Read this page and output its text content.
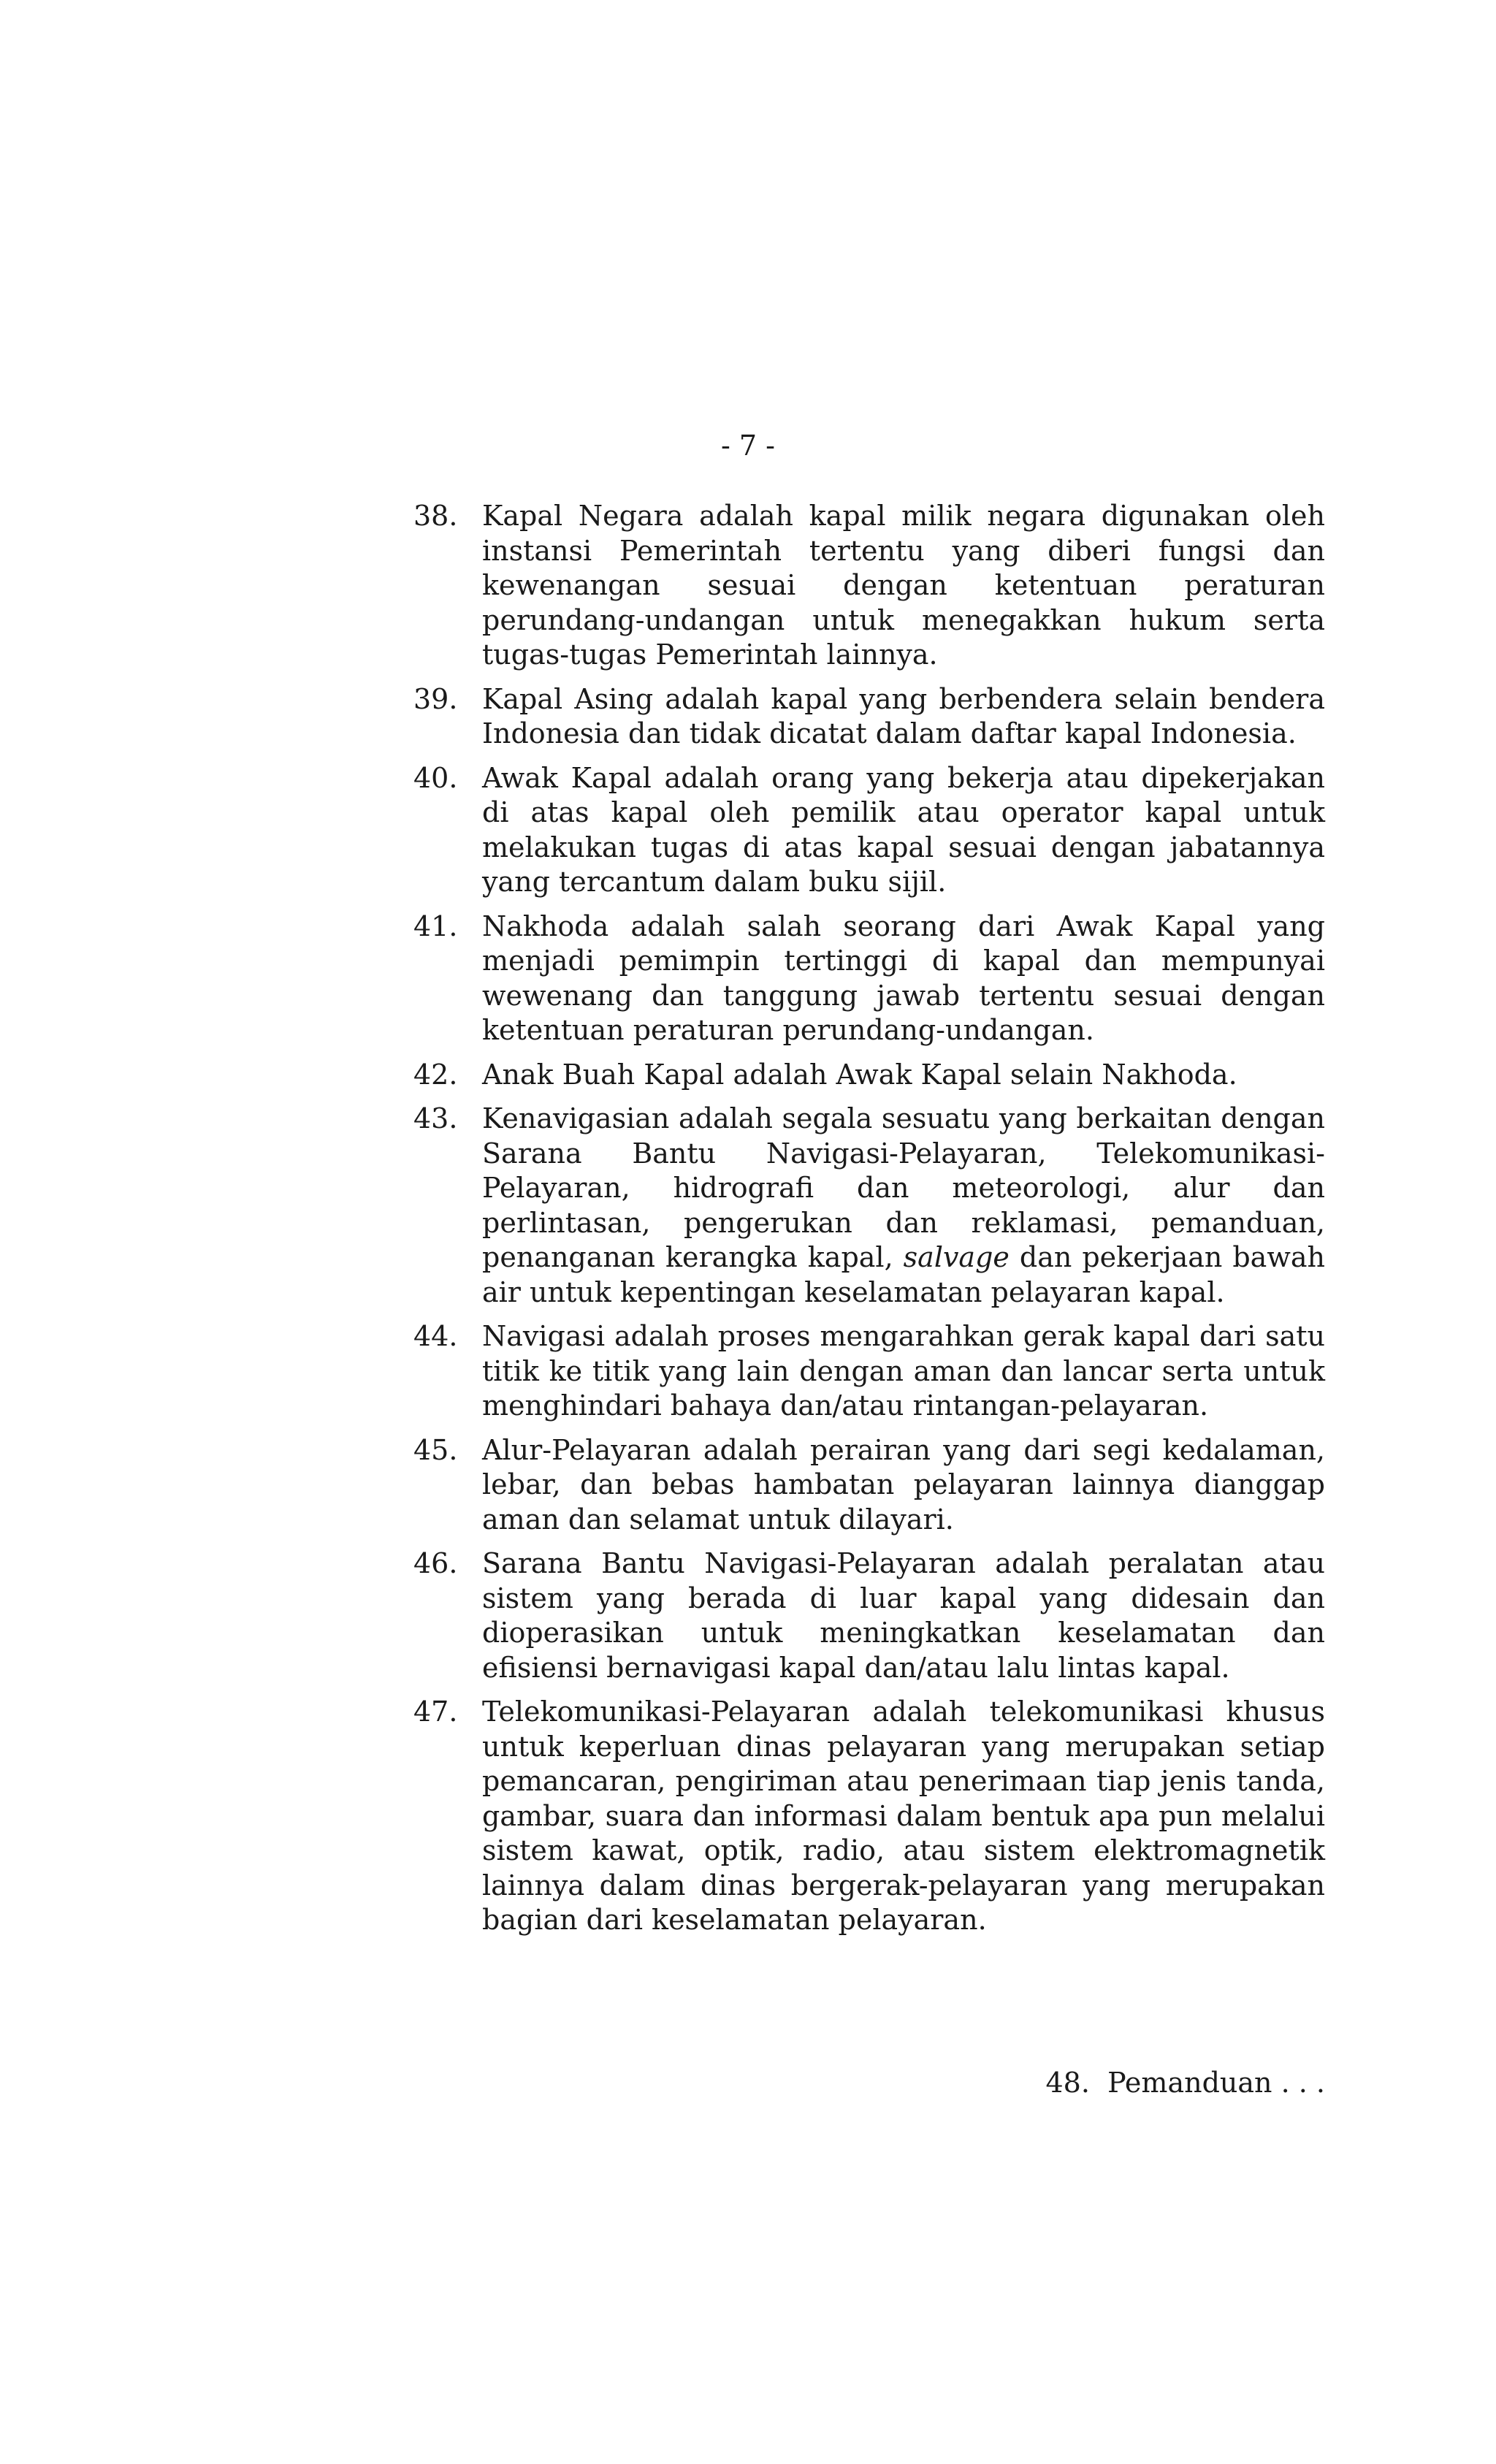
- 7 -
38. Kapal Negara adalah kapal milik negara digunakan oleh instansi Pemerintah tertentu yang diberi fungsi dan kewenangan sesuai dengan ketentuan peraturan perundang-undangan untuk menegakkan hukum serta tugas-tugas Pemerintah lainnya.
39. Kapal Asing adalah kapal yang berbendera selain bendera Indonesia dan tidak dicatat dalam daftar kapal Indonesia.
40. Awak Kapal adalah orang yang bekerja atau dipekerjakan di atas kapal oleh pemilik atau operator kapal untuk melakukan tugas di atas kapal sesuai dengan jabatannya yang tercantum dalam buku sijil.
41. Nakhoda adalah salah seorang dari Awak Kapal yang menjadi pemimpin tertinggi di kapal dan mempunyai wewenang dan tanggung jawab tertentu sesuai dengan ketentuan peraturan perundang-undangan.
42. Anak Buah Kapal adalah Awak Kapal selain Nakhoda.
43. Kenavigasian adalah segala sesuatu yang berkaitan dengan Sarana Bantu Navigasi-Pelayaran, Telekomunikasi-Pelayaran, hidrografi dan meteorologi, alur dan perlintasan, pengerukan dan reklamasi, pemanduan, penanganan kerangka kapal, salvage dan pekerjaan bawah air untuk kepentingan keselamatan pelayaran kapal.
44. Navigasi adalah proses mengarahkan gerak kapal dari satu titik ke titik yang lain dengan aman dan lancar serta untuk menghindari bahaya dan/atau rintangan-pelayaran.
45. Alur-Pelayaran adalah perairan yang dari segi kedalaman, lebar, dan bebas hambatan pelayaran lainnya dianggap aman dan selamat untuk dilayari.
46. Sarana Bantu Navigasi-Pelayaran adalah peralatan atau sistem yang berada di luar kapal yang didesain dan dioperasikan untuk meningkatkan keselamatan dan efisiensi bernavigasi kapal dan/atau lalu lintas kapal.
47. Telekomunikasi-Pelayaran adalah telekomunikasi khusus untuk keperluan dinas pelayaran yang merupakan setiap pemancaran, pengiriman atau penerimaan tiap jenis tanda, gambar, suara dan informasi dalam bentuk apa pun melalui sistem kawat, optik, radio, atau sistem elektromagnetik lainnya dalam dinas bergerak-pelayaran yang merupakan bagian dari keselamatan pelayaran.
48.  Pemanduan . . .
